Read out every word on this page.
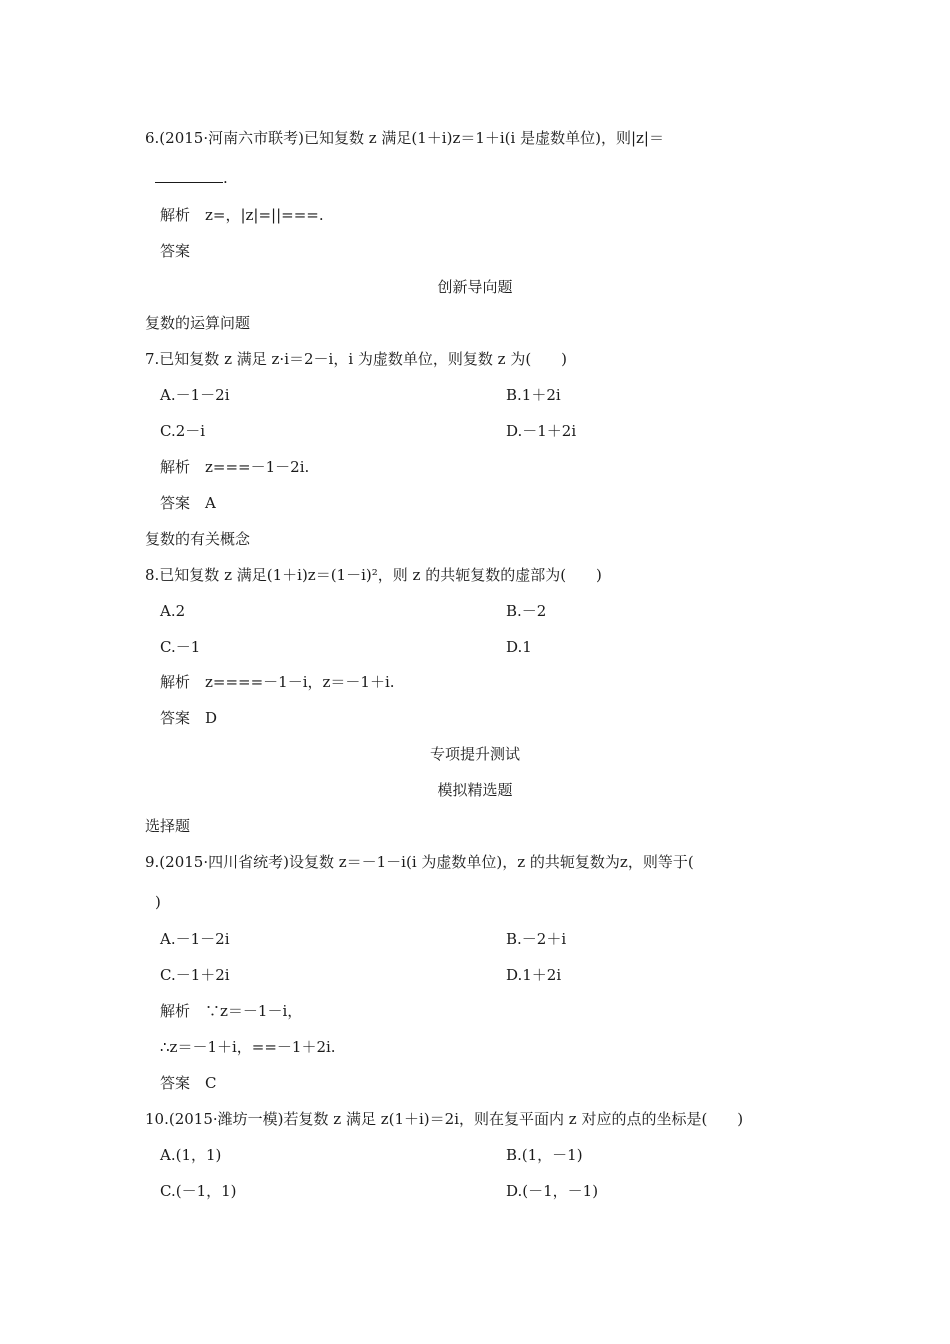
6.(2015·河南六市联考)已知复数 z 满足(1＋i)z＝1＋i(i 是虚数单位)，则|z|＝
.
解析　z=，|z|=||===.
答案
创新导向题
复数的运算问题
7.已知复数 z 满足 z·i＝2－i，i 为虚数单位，则复数 z 为(　　)
A.－1－2i	B.1＋2i
C.2－i	D.－1＋2i
解析　z===－1－2i.
答案　A
复数的有关概念
8.已知复数 z 满足(1＋i)z＝(1－i)²，则 z 的共轭复数的虚部为(　　)
A.2	B.－2
C.－1	D.1
解析　z====－1－i，z＝－1＋i.
答案　D
专项提升测试
模拟精选题
选择题
9.(2015·四川省统考)设复数 z＝－1－i(i 为虚数单位)，z 的共轭复数为z，则等于(
)
A.－1－2i	B.－2＋i
C.－1＋2i	D.1＋2i
解析　∵z＝－1－i，
∴z＝－1＋i，==－1＋2i.
答案　C
10.(2015·潍坊一模)若复数 z 满足 z(1＋i)＝2i，则在复平面内 z 对应的点的坐标是(　　)
A.(1，1)	B.(1，－1)
C.(－1，1)	D.(－1，－1)
